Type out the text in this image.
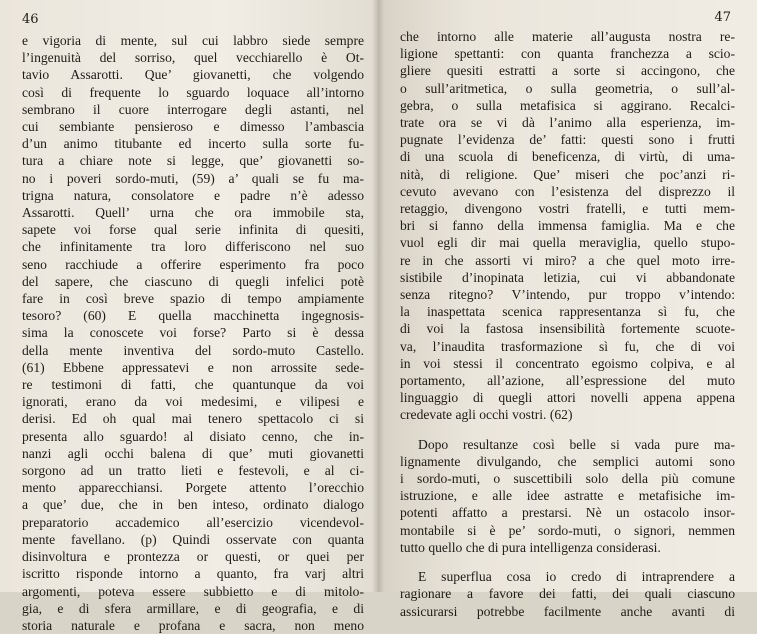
46
e vigoria di mente, sul cui labbro siede sempre
l’ingenuità del sorriso, quel vecchiarello è Ot-
tavio Assarotti. Que’ giovanetti, che volgendo
così di frequente lo sguardo loquace all’intorno
sembrano il cuore interrogare degli astanti, nel
cui sembiante pensieroso e dimesso l’ambascia
d’un animo titubante ed incerto sulla sorte fu-
tura a chiare note si legge, que’ giovanetti so-
no i poveri sordo-muti, (59) a’ quali se fu ma-
trigna natura, consolatore e padre n’è adesso
Assarotti. Quell’ urna che ora immobile sta,
sapete voi forse qual serie infinita di quesiti,
che infinitamente tra loro differiscono nel suo
seno racchiude a offerire esperimento fra poco
del sapere, che ciascuno di quegli infelici potè
fare in così breve spazio di tempo ampiamente
tesoro? (60) E quella macchinetta ingegnosis-
sima la conoscete voi forse? Parto si è dessa
della mente inventiva del sordo-muto Castello.
(61) Ebbene appressatevi e non arrossite sede-
re testimoni di fatti, che quantunque da voi
ignorati, erano da voi medesimi, e vilipesi e
derisi. Ed oh qual mai tenero spettacolo ci si
presenta allo sguardo! al disiato cenno, che in-
nanzi agli occhi balena di que’ muti giovanetti
sorgono ad un tratto lieti e festevoli, e al ci-
mento apparecchiansi. Porgete attento l’orecchio
a que’ due, che in ben inteso, ordinato dialogo
preparatorio accademico all’esercizio vicendevol-
mente favellano. (p) Quindi osservate con quanta
disinvoltura e prontezza or questi, or quei per
iscritto risponde intorno a quanto, fra varj altri
argomenti, poteva essere subbietto e di mitolo-
gia, e di sfera armillare, e di geografia, e di
storia naturale e profana e sacra, non meno
47
che intorno alle materie all’augusta nostra re-
ligione spettanti: con quanta franchezza a scio-
gliere quesiti estratti a sorte si accingono, che
o sull’aritmetica, o sulla geometria, o sull’al-
gebra, o sulla metafisica si aggirano. Recalci-
trate ora se vi dà l’animo alla esperienza, im-
pugnate l’evidenza de’ fatti: questi sono i frutti
di una scuola di beneficenza, di virtù, di uma-
nità, di religione. Que’ miseri che poc’anzi ri-
cevuto avevano con l’esistenza del disprezzo il
retaggio, divengono vostri fratelli, e tutti mem-
bri si fanno della immensa famiglia. Ma e che
vuol egli dir mai quella meraviglia, quello stupo-
re in che assorti vi miro? a che quel moto irre-
sistibile d’inopinata letizia, cui vi abbandonate
senza ritegno? V’intendo, pur troppo v’intendo:
la inaspettata scenica rappresentanza sì fu, che
di voi la fastosa insensibilità fortemente scuote-
va, l’inaudita trasformazione sì fu, che di voi
in voi stessi il concentrato egoismo colpiva, e al
portamento, all’azione, all’espressione del muto
linguaggio di quegli attori novelli appena appena
credevate agli occhi vostri. (62)
Dopo resultanze così belle si vada pure ma-
lignamente divulgando, che semplici automi sono
i sordo-muti, o suscettibili solo della più comune
istruzione, e alle idee astratte e metafisiche im-
potenti affatto a prestarsi. Nè un ostacolo insor-
montabile si è pe’ sordo-muti, o signori, nemmen
tutto quello che di pura intelligenza considerasi.
E superflua cosa io credo di intraprendere a
ragionare a favore dei fatti, dei quali ciascuno
assicurarsi potrebbe facilmente anche avanti di
